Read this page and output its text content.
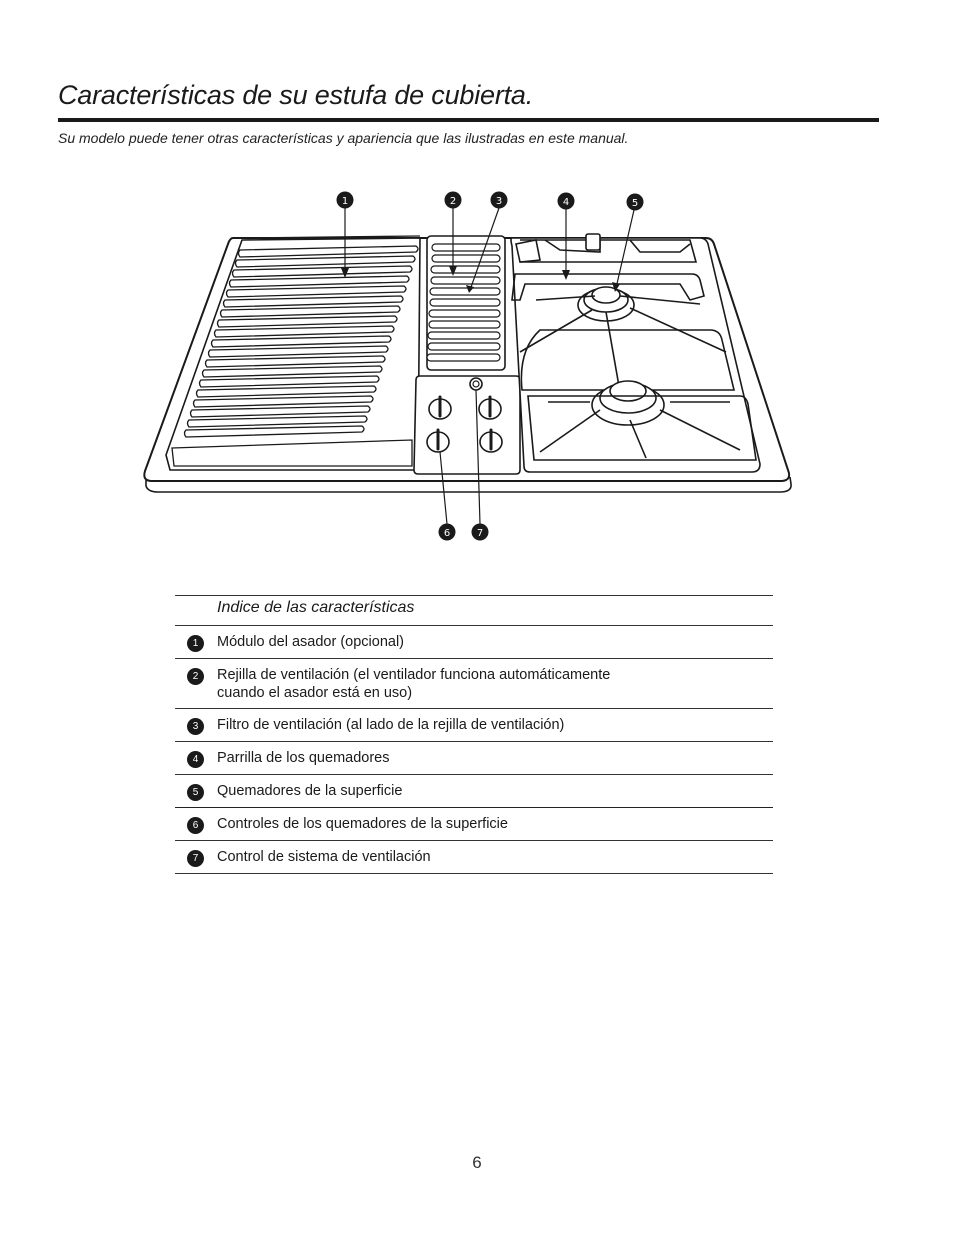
Características de su estufa de cubierta.
Su modelo puede tener otras características y apariencia que las ilustradas en este manual.
1	2	3	4	5
6	7
Indice de las características
1	Módulo del asador (opcional)
2	Rejilla de ventilación (el ventilador funciona automáticamente
cuando el asador está en uso)
3	Filtro de ventilación (al lado de la rejilla de ventilación)
4	Parrilla de los quemadores
5	Quemadores de la superficie
6	Controles de los quemadores de la superficie
7	Control de sistema de ventilación
6
